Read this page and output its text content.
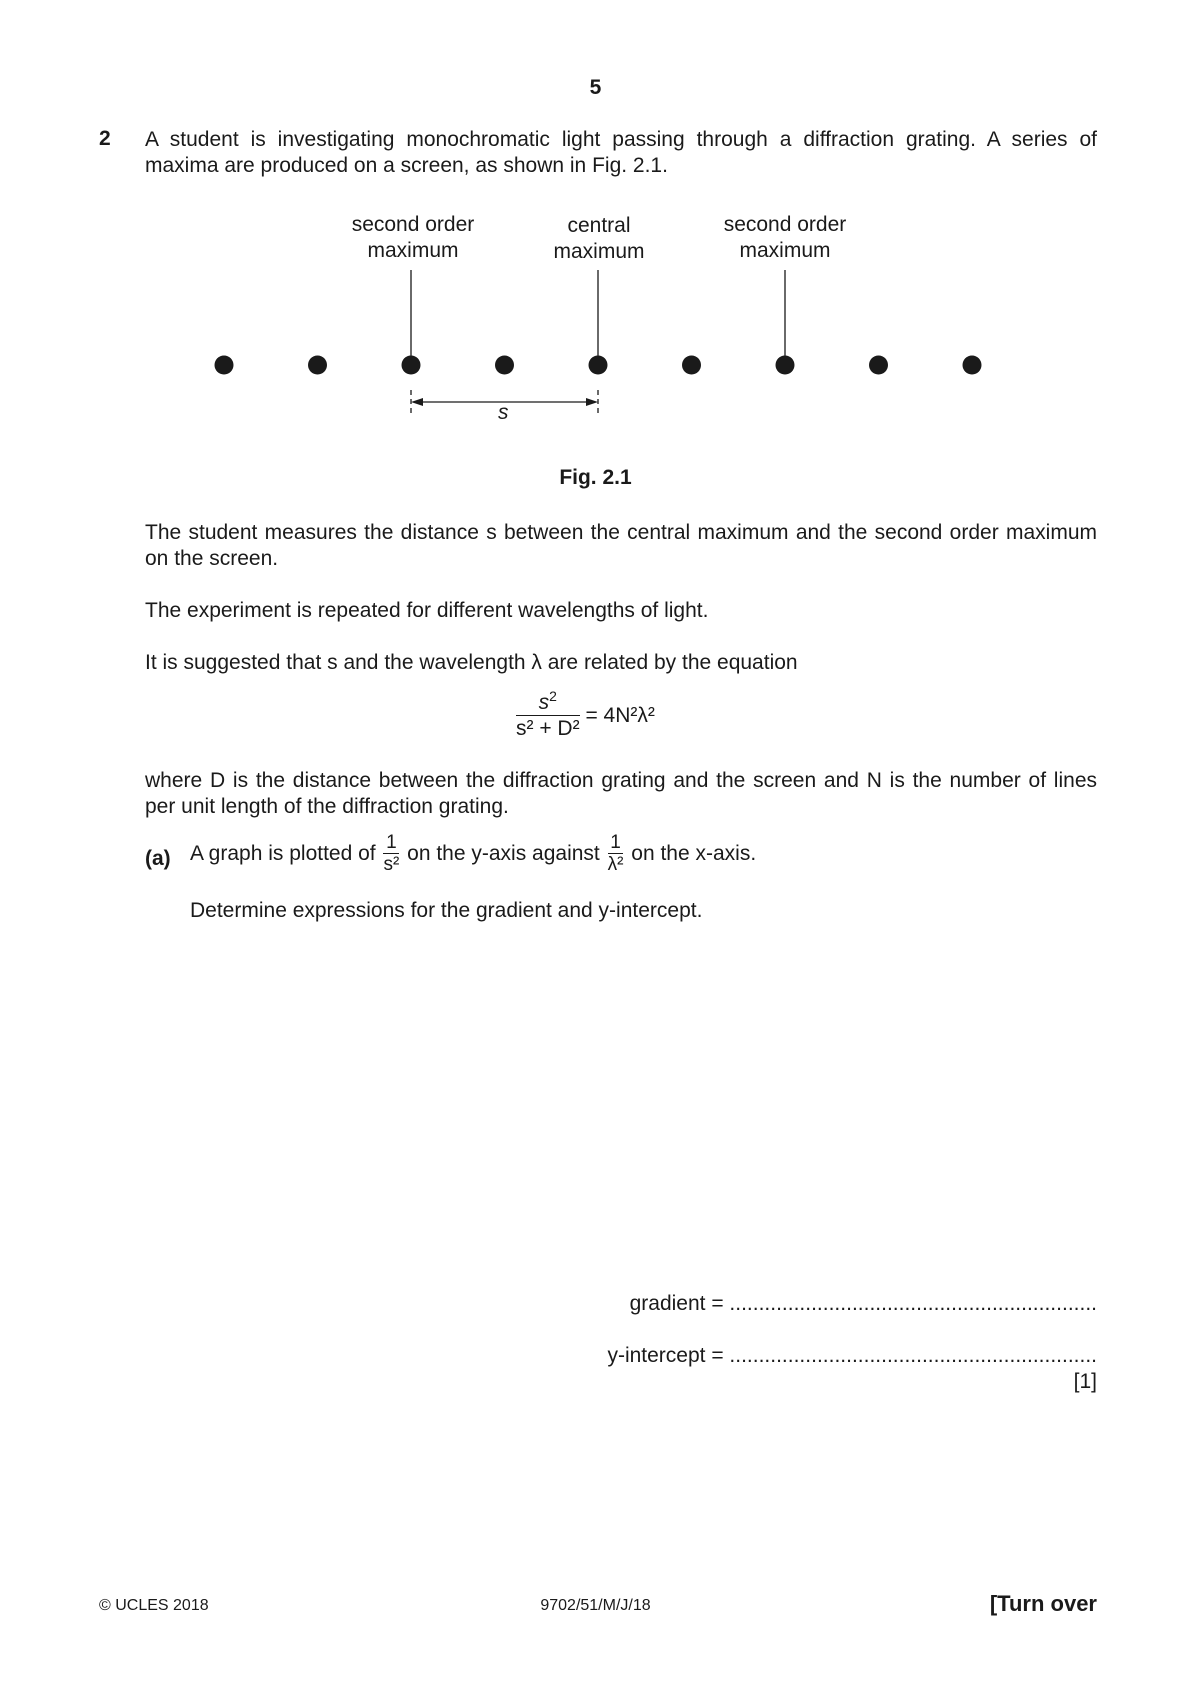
5
2 A student is investigating monochromatic light passing through a diffraction grating. A series of maxima are produced on a screen, as shown in Fig. 2.1.
second order
maximum
central
maximum
second order
maximum
s
Fig. 2.1
The student measures the distance s between the central maximum and the second order maximum on the screen.
The experiment is repeated for different wavelengths of light.
It is suggested that s and the wavelength λ are related by the equation
$\frac{s^2}{\text{s² + D²}} = 4N^2\lambda^2$
where D is the distance between the diffraction grating and the screen and N is the number of lines per unit length of the diffraction grating.
(a) A graph is plotted of $\frac{1}{\text{s²}}$ on the y-axis against $\frac{1}{\text{λ²}}$ on the x-axis.
Determine expressions for the gradient and y-intercept.
gradient = ...............................................................
y-intercept = ...............................................................
[1]
© UCLES 2018	9702/51/M/J/18	[Turn over
